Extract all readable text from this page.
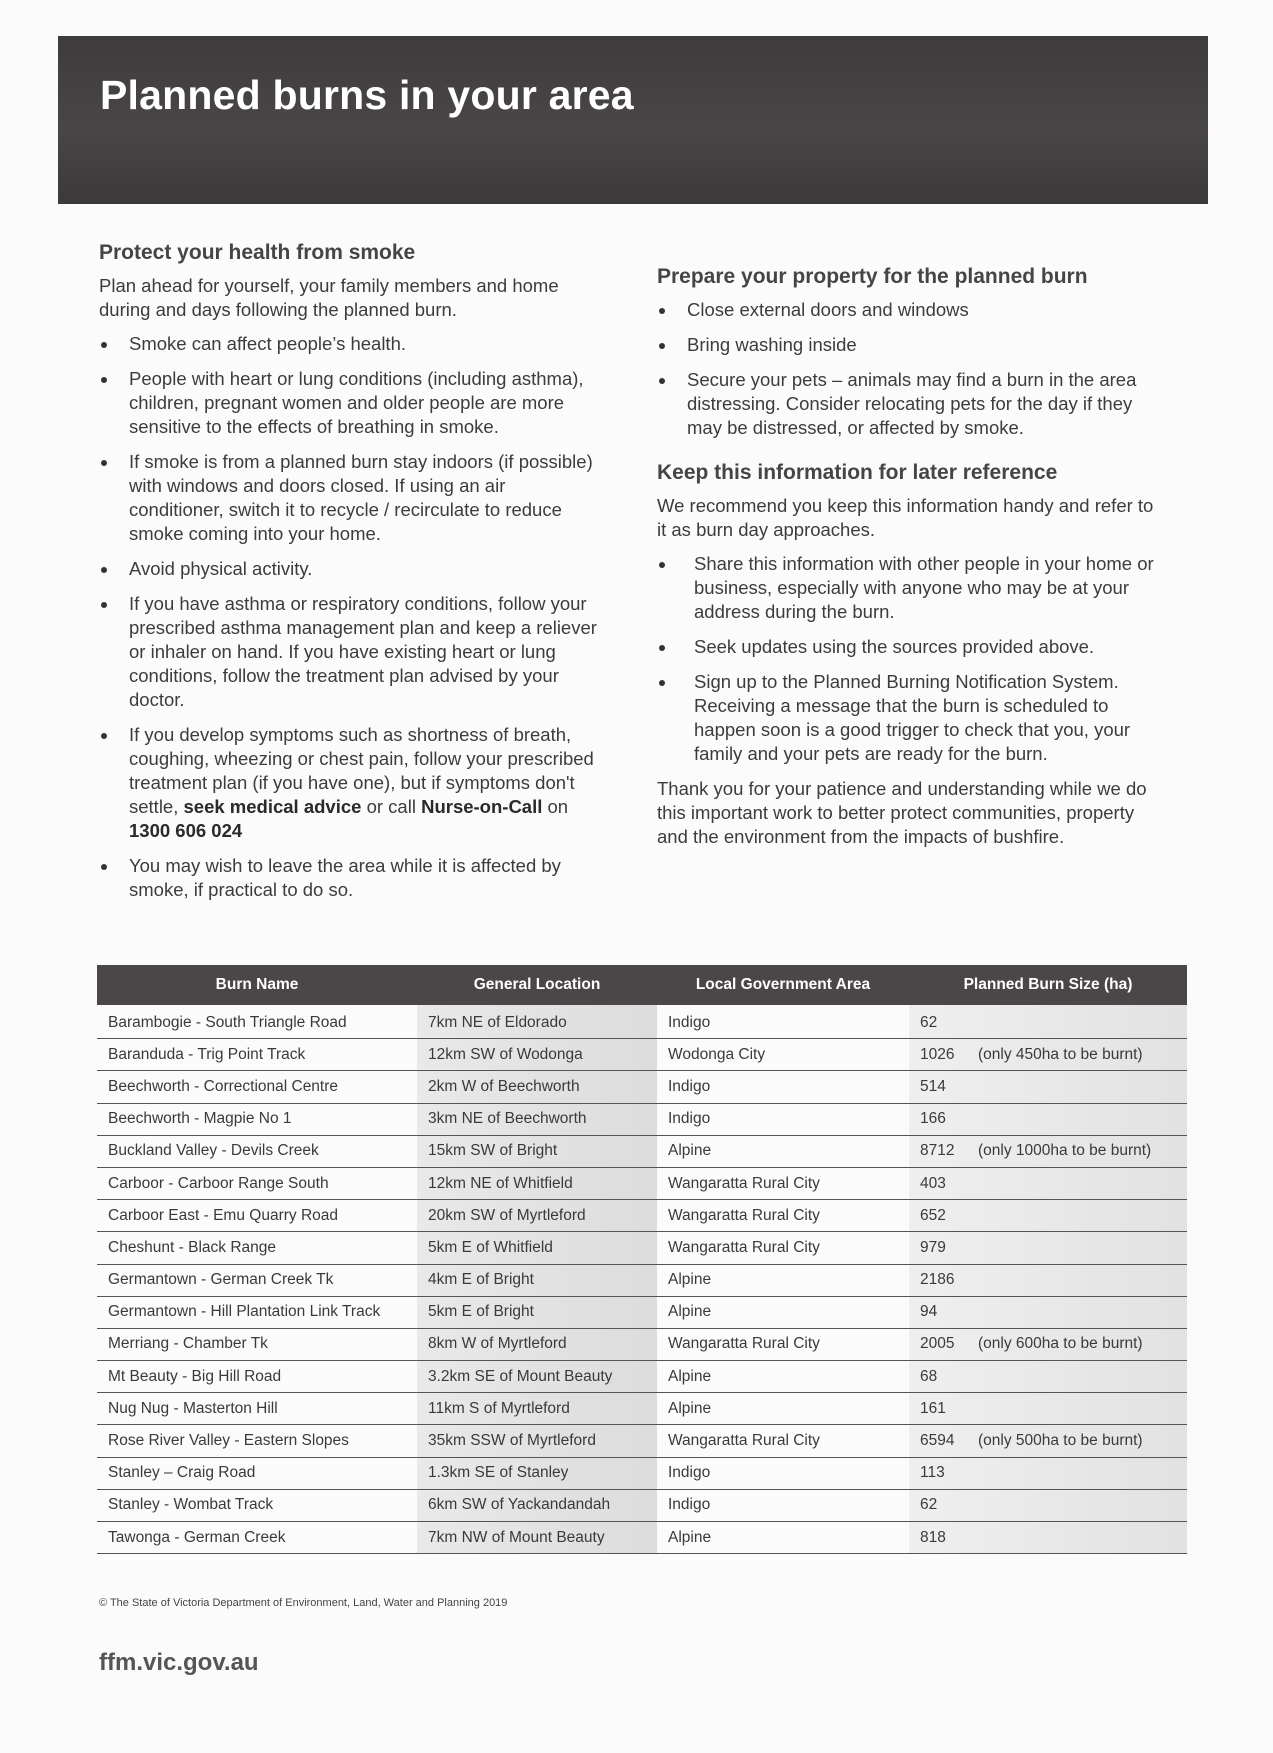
Planned burns in your area
Protect your health from smoke

Plan ahead for yourself, your family members and home during and days following the planned burn.

Smoke can affect people’s health.
People with heart or lung conditions (including asthma), children, pregnant women and older people are more sensitive to the effects of breathing in smoke.
If smoke is from a planned burn stay indoors (if possible) with windows and doors closed. If using an air conditioner, switch it to recycle / recirculate to reduce smoke coming into your home.
Avoid physical activity.
If you have asthma or respiratory conditions, follow your prescribed asthma management plan and keep a reliever or inhaler on hand. If you have existing heart or lung conditions, follow the treatment plan advised by your doctor.
If you develop symptoms such as shortness of breath, coughing, wheezing or chest pain, follow your prescribed treatment plan (if you have one), but if symptoms don't settle, seek medical advice or call Nurse-on-Call on 1300 606 024
You may wish to leave the area while it is affected by smoke, if practical to do so.
Prepare your property for the planned burn
Close external doors and windows
Bring washing inside
Secure your pets – animals may find a burn in the area distressing. Consider relocating pets for the day if they may be distressed, or affected by smoke.
Keep this information for later reference

We recommend you keep this information handy and refer to it as burn day approaches.

Share this information with other people in your home or business, especially with anyone who may be at your address during the burn.
Seek updates using the sources provided above.
Sign up to the Planned Burning Notification System. Receiving a message that the burn is scheduled to happen soon is a good trigger to check that you, your family and your pets are ready for the burn.

Thank you for your patience and understanding while we do this important work to better protect communities, property and the environment from the impacts of bushfire.

Burn Name	General Location	Local Government Area	Planned Burn Size (ha)
Barambogie - South Triangle Road	7km NE of Eldorado	Indigo	62
Baranduda - Trig Point Track	12km SW of Wodonga	Wodonga City	1026 (only 450ha to be burnt)
Beechworth - Correctional Centre	2km W of Beechworth	Indigo	514
Beechworth - Magpie No 1	3km NE of Beechworth	Indigo	166
Buckland Valley - Devils Creek	15km SW of Bright	Alpine	8712 (only 1000ha to be burnt)
Carboor - Carboor Range South	12km NE of Whitfield	Wangaratta Rural City	403
Carboor East - Emu Quarry Road	20km SW of Myrtleford	Wangaratta Rural City	652
Cheshunt - Black Range	5km E of Whitfield	Wangaratta Rural City	979
Germantown - German Creek Tk	4km E of Bright	Alpine	2186
Germantown - Hill Plantation Link Track	5km E of Bright	Alpine	94
Merriang - Chamber Tk	8km W of Myrtleford	Wangaratta Rural City	2005 (only 600ha to be burnt)
Mt Beauty - Big Hill Road	3.2km SE of Mount Beauty	Alpine	68
Nug Nug - Masterton Hill	11km S of Myrtleford	Alpine	161
Rose River Valley - Eastern Slopes	35km SSW of Myrtleford	Wangaratta Rural City	6594 (only 500ha to be burnt)
Stanley – Craig Road	1.3km SE of Stanley	Indigo	113
Stanley - Wombat Track	6km SW of Yackandandah	Indigo	62
Tawonga - German Creek	7km NW of Mount Beauty	Alpine	818
© The State of Victoria Department of Environment, Land, Water and Planning 2019
ffm.vic.gov.au
